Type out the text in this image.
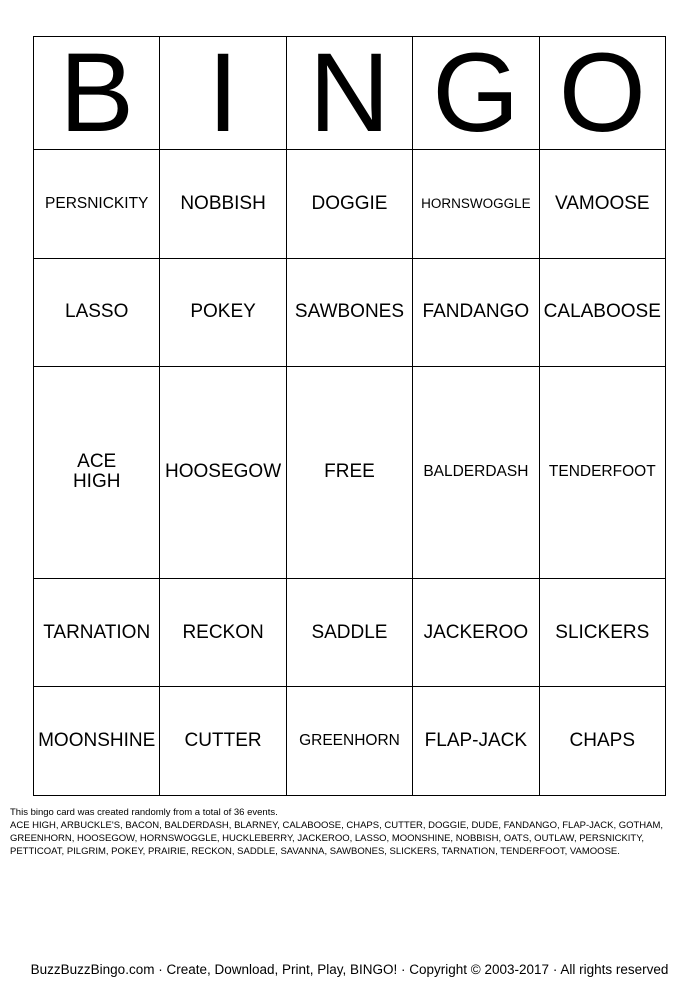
B	I	N	G	O

PERSNICKITY	NOBBISH	DOGGIE	HORNSWOGGLE	VAMOOSE

LASSO	POKEY	SAWBONES	FANDANGO	CALABOOSE

ACE HIGH	HOOSEGOW	FREE	BALDERDASH	TENDERFOOT

TARNATION	RECKON	SADDLE	JACKEROO	SLICKERS

MOONSHINE	CUTTER	GREENHORN	FLAP-JACK	CHAPS
This bingo card was created randomly from a total of 36 events.
ACE HIGH, ARBUCKLE'S, BACON, BALDERDASH, BLARNEY, CALABOOSE, CHAPS, CUTTER, DOGGIE, DUDE, FANDANGO, FLAP-JACK, GOTHAM, GREENHORN, HOOSEGOW, HORNSWOGGLE, HUCKLEBERRY, JACKEROO, LASSO, MOONSHINE, NOBBISH, OATS, OUTLAW, PERSNICKITY, PETTICOAT, PILGRIM, POKEY, PRAIRIE, RECKON, SADDLE, SAVANNA, SAWBONES, SLICKERS, TARNATION, TENDERFOOT, VAMOOSE.
BuzzBuzzBingo.com · Create, Download, Print, Play, BINGO! · Copyright © 2003-2017 · All rights reserved
